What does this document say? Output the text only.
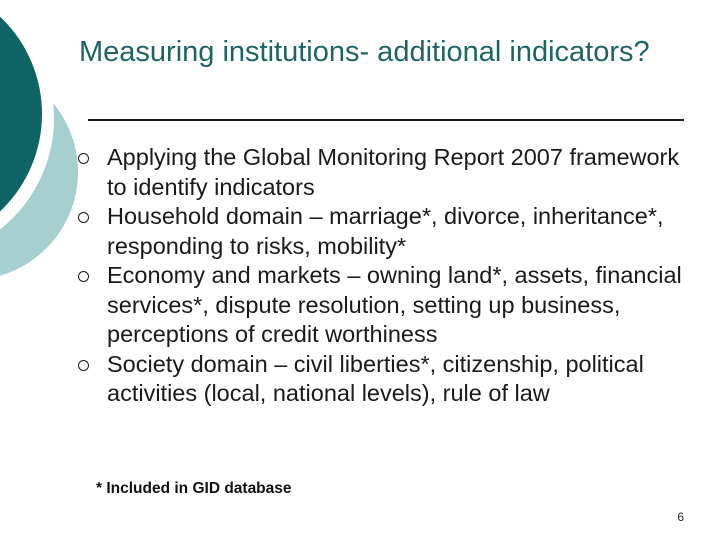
Measuring institutions- additional indicators?
Applying the Global Monitoring Report 2007 framework to identify indicators
Household domain – marriage*, divorce, inheritance*, responding to risks, mobility*
Economy and markets – owning land*, assets, financial services*, dispute resolution, setting up business, perceptions of credit worthiness
Society domain – civil liberties*, citizenship, political activities (local, national levels), rule of law
* Included in GID database
6
